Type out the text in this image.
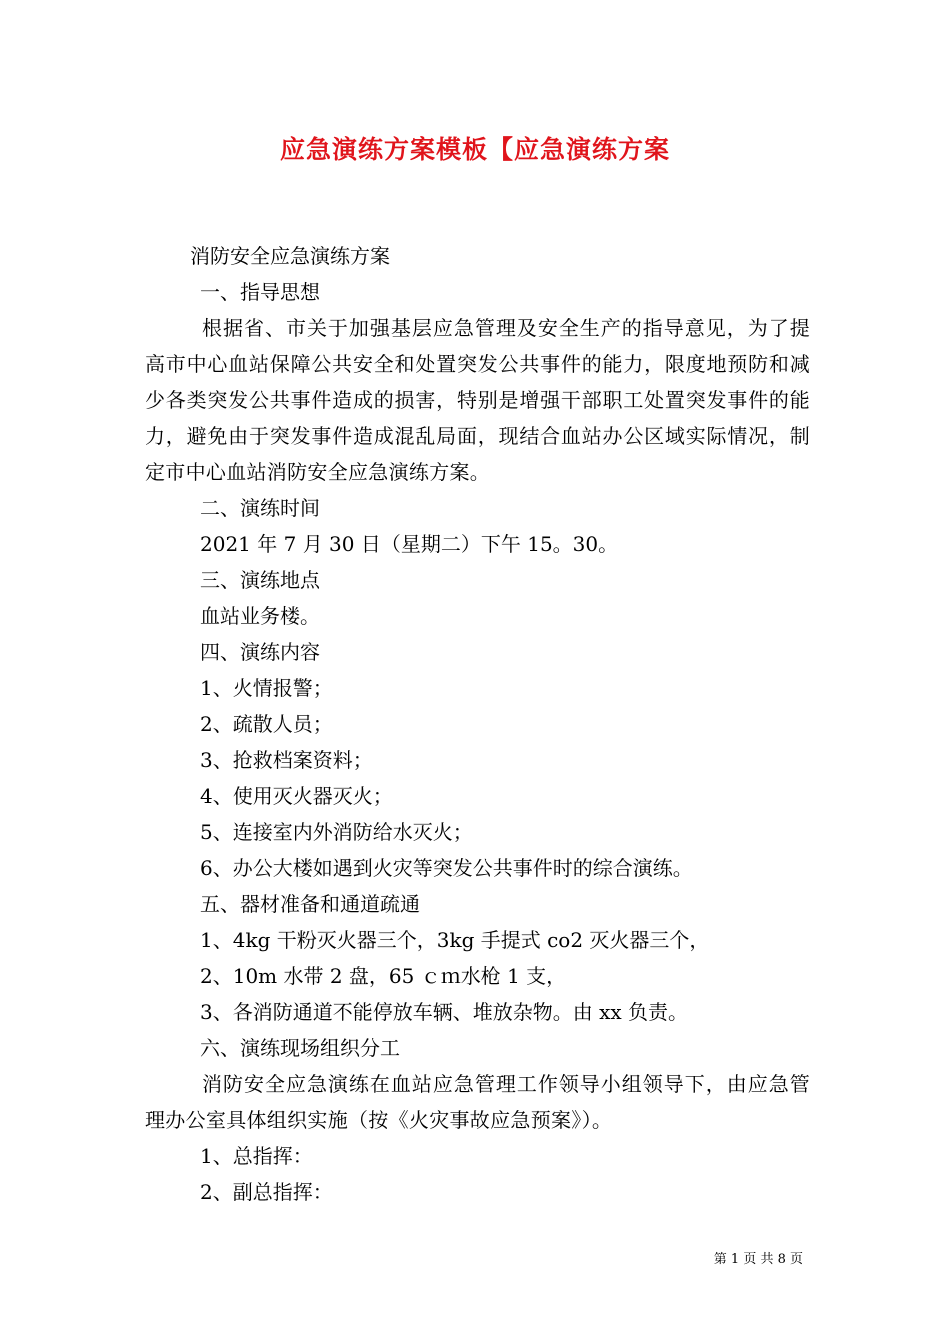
应急演练方案模板【应急演练方案
消防安全应急演练方案
一、指导思想
根据省、市关于加强基层应急管理及安全生产的指导意见，为了提高市中心血站保障公共安全和处置突发公共事件的能力，限度地预防和减少各类突发公共事件造成的损害，特别是增强干部职工处置突发事件的能力，避免由于突发事件造成混乱局面，现结合血站办公区域实际情况，制定市中心血站消防安全应急演练方案。
二、演练时间
2021 年 7 月 30 日（星期二）下午 15。30。
三、演练地点
血站业务楼。
四、演练内容
1、火情报警；
2、疏散人员；
3、抢救档案资料；
4、使用灭火器灭火；
5、连接室内外消防给水灭火；
6、办公大楼如遇到火灾等突发公共事件时的综合演练。
五、器材准备和通道疏通
1、4kg 干粉灭火器三个，3kg 手提式 co2 灭火器三个，
2、10m 水带 2 盘，65 ｃｍ水枪 1 支，
3、各消防通道不能停放车辆、堆放杂物。由 xx 负责。
六、演练现场组织分工
消防安全应急演练在血站应急管理工作领导小组领导下，由应急管理办公室具体组织实施（按《火灾事故应急预案》）。
1、总指挥：
2、副总指挥：
第 1 页 共 8 页
